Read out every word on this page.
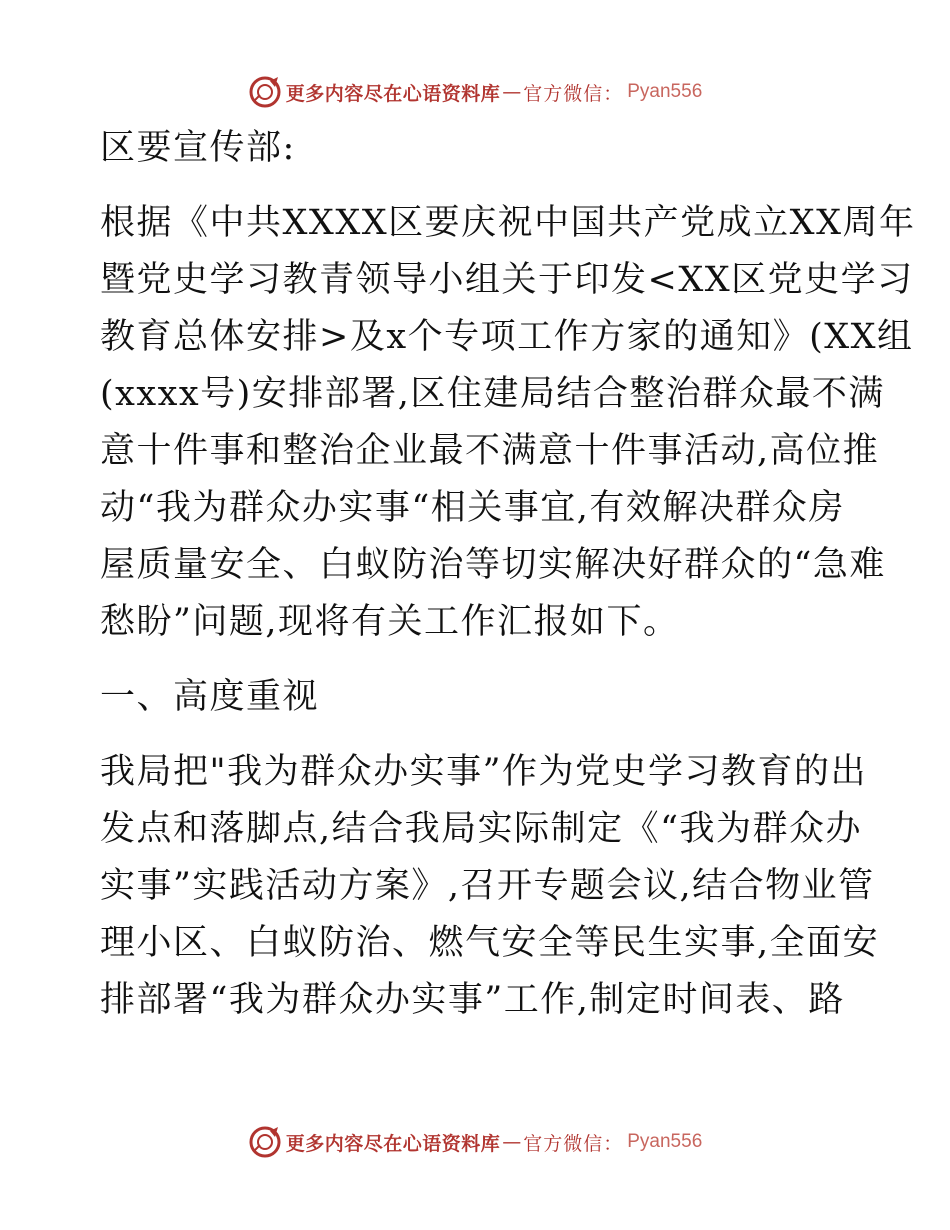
更多内容尽在心语资料库 — 官方微信： Pyan556
区要宣传部:
根据《中共XXXX区要庆祝中国共产党成立XX周年
暨党史学习教青领导小组关于印发<XX区党史学习
教育总体安排>及x个专项工作方家的通知》(XX组
(xxxx号)安排部署,区住建局结合整治群众最不满
意十件事和整治企业最不满意十件事活动,高位推
动“我为群众办实事“相关事宜,有效解决群众房
屋质量安全、白蚁防治等切实解决好群众的“急难
愁盼”问题,现将有关工作汇报如下。
一、高度重视
我局把"我为群众办实事”作为党史学习教育的出
发点和落脚点,结合我局实际制定《“我为群众办
实事”实践活动方案》,召开专题会议,结合物业管
理小区、白蚁防治、燃气安全等民生实事,全面安
排部署“我为群众办实事”工作,制定时间表、路
更多内容尽在心语资料库 — 官方微信： Pyan556
